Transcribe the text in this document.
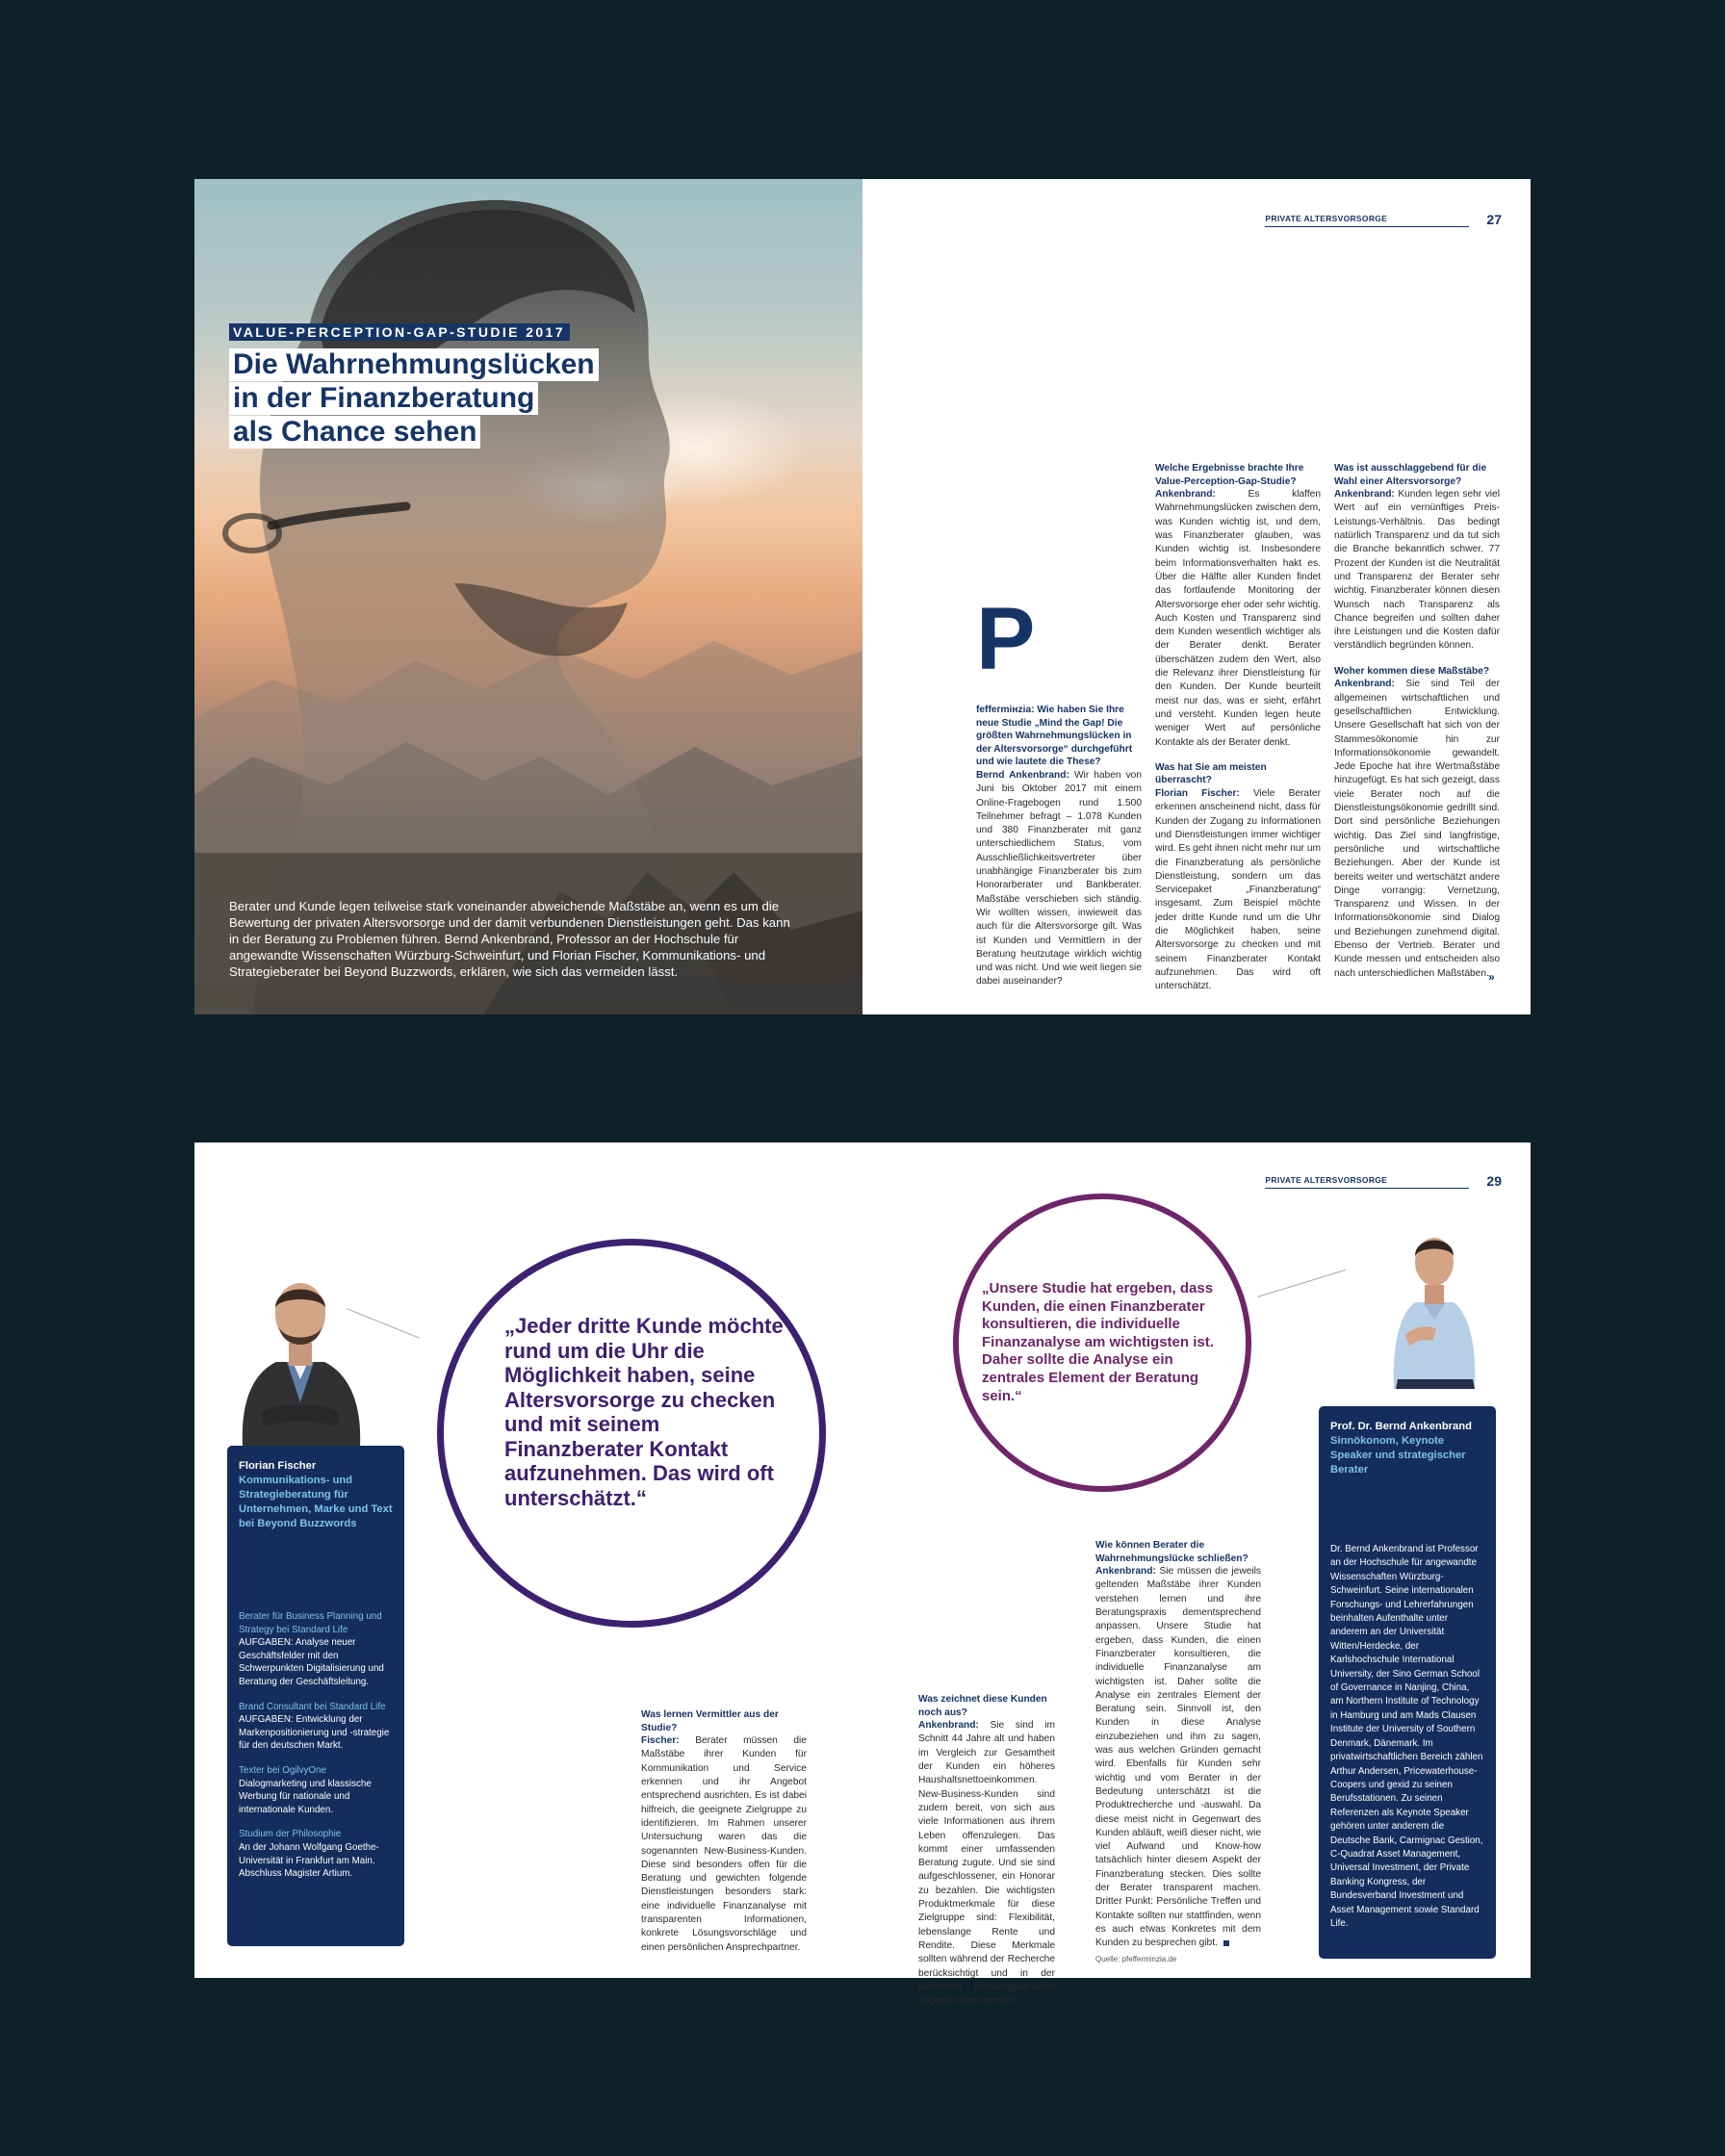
VALUE-PERCEPTION-GAP-STUDIE 2017
Die Wahrnehmungslücken
in der Finanzberatung
als Chance sehen
Berater und Kunde legen teilweise stark voneinander abweichende Maßstäbe an, wenn es um die Bewertung der privaten Altersvorsorge und der damit verbundenen Dienstleistungen geht. Das kann in der Beratung zu Problemen führen. Bernd Ankenbrand, Professor an der Hochschule für angewandte Wissenschaften Würzburg-Schweinfurt, und Florian Fischer, Kommunikations- und Strategieberater bei Beyond Buzzwords, erklären, wie sich das vermeiden lässt.
PRIVATE ALTERSVORSORGE	27
P
feffermінzia: Wie haben Sie Ihre neue Studie „Mind the Gap! Die größten Wahrnehmungslücken in der Altersvorsorge“ durchgeführt und wie lautete die These?

Bernd Ankenbrand: Wir haben von Juni bis Oktober 2017 mit einem Online-Fragebogen rund 1.500 Teilnehmer befragt – 1.078 Kunden und 380 Finanzberater mit ganz unterschiedlichem Status, vom Ausschließlichkeitsvertreter über unabhängige Finanzberater bis zum Honorarberater und Bankberater. Maßstäbe verschieben sich ständig. Wir wollten wissen, inwieweit das auch für die Altersvorsorge gilt. Was ist Kunden und Vermittlern in der Beratung heutzutage wirklich wichtig und was nicht. Und wie weit liegen sie dabei auseinander?

Welche Ergebnisse brachte Ihre Value-Perception-Gap-Studie?

Ankenbrand:	Es klaffen Wahrnehmungslücken zwischen dem, was Kunden wichtig ist, und dem, was Finanzberater glauben, was Kunden wichtig ist. Insbesondere beim Informationsverhalten hakt es. Über die Hälfte aller Kunden findet das fortlaufende Monitoring der Altersvorsorge eher oder sehr wichtig. Auch Kosten und Transparenz sind dem Kunden wesentlich wichtiger als der Berater denkt. Berater überschätzen zudem den Wert, also die Relevanz ihrer Dienstleistung für den Kunden. Der Kunde beurteilt meist nur das, was er sieht, erfährt und versteht. Kunden legen heute weniger Wert auf persönliche Kontakte als der Berater denkt.

Was hat Sie am meisten überrascht?

Florian Fischer: Viele Berater erkennen anscheinend nicht, dass für Kunden der Zugang zu Informationen und Dienstleistungen immer wichtiger wird. Es geht ihnen nicht mehr nur um die Finanzberatung als persönliche Dienstleistung, sondern um das Servicepaket „Finanzberatung“ insgesamt. Zum Beispiel möchte jeder dritte Kunde rund um die Uhr die Möglichkeit haben, seine Altersvorsorge zu checken und mit seinem Finanzberater Kontakt aufzunehmen. Das wird oft unterschätzt.

Was ist ausschlaggebend für die Wahl einer Altersvorsorge?

Ankenbrand: Kunden legen sehr viel Wert auf ein vernünftiges Preis-Leistungs-Verhältnis. Das bedingt natürlich Transparenz und da tut sich die Branche bekanntlich schwer. 77 Prozent der Kunden ist die Neutralität und Transparenz der Berater sehr wichtig. Finanzberater können diesen Wunsch nach Transparenz als Chance begreifen und sollten daher ihre Leistungen und die Kosten dafür verständlich begründen können.

Woher kommen diese Maßstäbe?

Ankenbrand: Sie sind Teil der allgemeinen wirtschaftlichen und gesellschaftlichen Entwicklung. Unsere Gesellschaft hat sich von der Stammesökonomie hin zur Informationsökonomie gewandelt. Jede Epoche hat ihre Wertmaßstäbe hinzugefügt. Es hat sich gezeigt, dass viele Berater noch auf die Dienstleistungsökonomie gedrillt sind. Dort sind persönliche Beziehungen wichtig. Das Ziel sind langfristige, persönliche und wirtschaftliche Beziehungen. Aber der Kunde ist bereits weiter und wertschätzt andere Dinge vorrangig: Vernetzung, Transparenz und Wissen. In der Informationsökonomie sind Dialog und Beziehungen zunehmend digital. Ebenso der Vertrieb. Berater und Kunde messen und entscheiden also nach unterschiedlichen Maßstäben. »
PRIVATE ALTERSVORSORGE	29
Florian Fischer
Kommunikations- und Strategieberatung für Unternehmen, Marke und Text bei Beyond Buzzwords
Berater für Business Planning und Strategy bei Standard Life
AUFGABEN: Analyse neuer Geschäftsfelder mit den Schwerpunkten Digitalisierung und Beratung der Geschäftsleitung.
Brand Consultant bei Standard Life
AUFGABEN: Entwicklung der Markenpositionierung und -strategie für den deutschen Markt.
Texter bei OgilvyOne
Dialogmarketing und klassische Werbung für nationale und internationale Kunden.
Studium der Philosophie
An der Johann Wolfgang Goethe-Universität in Frankfurt am Main. Abschluss Magister Artium.
„Jeder dritte Kunde möchte rund um die Uhr die Möglichkeit haben, seine Altersvorsorge zu checken und mit seinem Finanzberater Kontakt aufzunehmen. Das wird oft unterschätzt.“
„Unsere Studie hat ergeben, dass Kunden, die einen Finanzberater konsultieren, die individuelle Finanzanalyse am wichtigsten ist. Daher sollte die Analyse ein zentrales Element der Beratung sein.“
Was lernen Vermittler aus der Studie?

Fischer: Berater müssen die Maßstäbe ihrer Kunden für Kommunikation und Service erkennen und ihr Angebot entsprechend ausrichten. Es ist dabei hilfreich, die geeignete Zielgruppe zu identifizieren. Im Rahmen unserer Untersuchung waren das die sogenannten New-Business-Kunden. Diese sind besonders offen für die Beratung und gewichten folgende Dienstleistungen besonders stark: eine individuelle Finanzanalyse mit transparenten Informationen, konkrete Lösungsvorschläge und einen persönlichen Ansprechpartner.

Was zeichnet diese Kunden noch aus?

Ankenbrand: Sie sind im Schnitt 44 Jahre alt und haben im Vergleich zur Gesamtheit der Kunden ein höheres Haushaltsnettoeinkommen. New-Business-Kunden sind zudem bereit, von sich aus viele Informationen aus ihrem Leben offenzulegen. Das kommt einer umfassenden Beratung zugute. Und sie sind aufgeschlossener, ein Honorar zu bezahlen. Die wichtigsten Produktmerkmale für diese Zielgruppe sind: Flexibilität, lebenslange Rente und Rendite. Diese Merkmale sollten während der Recherche berücksichtigt und in der konkreten Beratungssituation angesprochen werden.

Wie können Berater die Wahrnehmungslücke schließen?

Ankenbrand: Sie müssen die jeweils geltenden Maßstäbe ihrer Kunden verstehen lernen und ihre Beratungspraxis dementsprechend anpassen. Unsere Studie hat ergeben, dass Kunden, die einen Finanzberater konsultieren, die individuelle Finanzanalyse am wichtigsten ist. Daher sollte die Analyse ein zentrales Element der Beratung sein. Sinnvoll ist, den Kunden in diese Analyse einzubeziehen und ihm zu sagen, was aus welchen Gründen gemacht wird. Ebenfalls für Kunden sehr wichtig und vom Berater in der Bedeutung unterschätzt ist die Produktrecherche und -auswahl. Da diese meist nicht in Gegenwart des Kunden abläuft, weiß dieser nicht, wie viel Aufwand und Know-how tatsächlich hinter diesem Aspekt der Finanzberatung stecken. Dies sollte der Berater transparent machen. Dritter Punkt: Persönliche Treffen und Kontakte sollten nur stattfinden, wenn es auch etwas Konkretes mit dem Kunden zu besprechen gibt.

Quelle: pfefferminzia.de
Prof. Dr. Bernd Ankenbrand
Sinnökonom, Keynote Speaker und strategischer Berater
Dr. Bernd Ankenbrand ist Professor an der Hochschule für angewandte Wissenschaften Würzburg-Schweinfurt. Seine internationalen Forschungs- und Lehrerfahrungen beinhalten Aufenthalte unter anderem an der Universität Witten/Herdecke, der Karlshochschule International University, der Sino German School of Governance in Nanjing, China, am Northern Institute of Technology in Hamburg und am Mads Clausen Institute der University of Southern Denmark, Dänemark. Im privatwirtschaftlichen Bereich zählen Arthur Andersen, Pricewaterhouse-Coopers und gexid zu seinen Berufsstationen. Zu seinen Referenzen als Keynote Speaker gehören unter anderem die Deutsche Bank, Carmignac Gestion, C-Quadrat Asset Management, Universal Investment, der Private Banking Kongress, der Bundesverband Investment und Asset Management sowie Standard Life.
